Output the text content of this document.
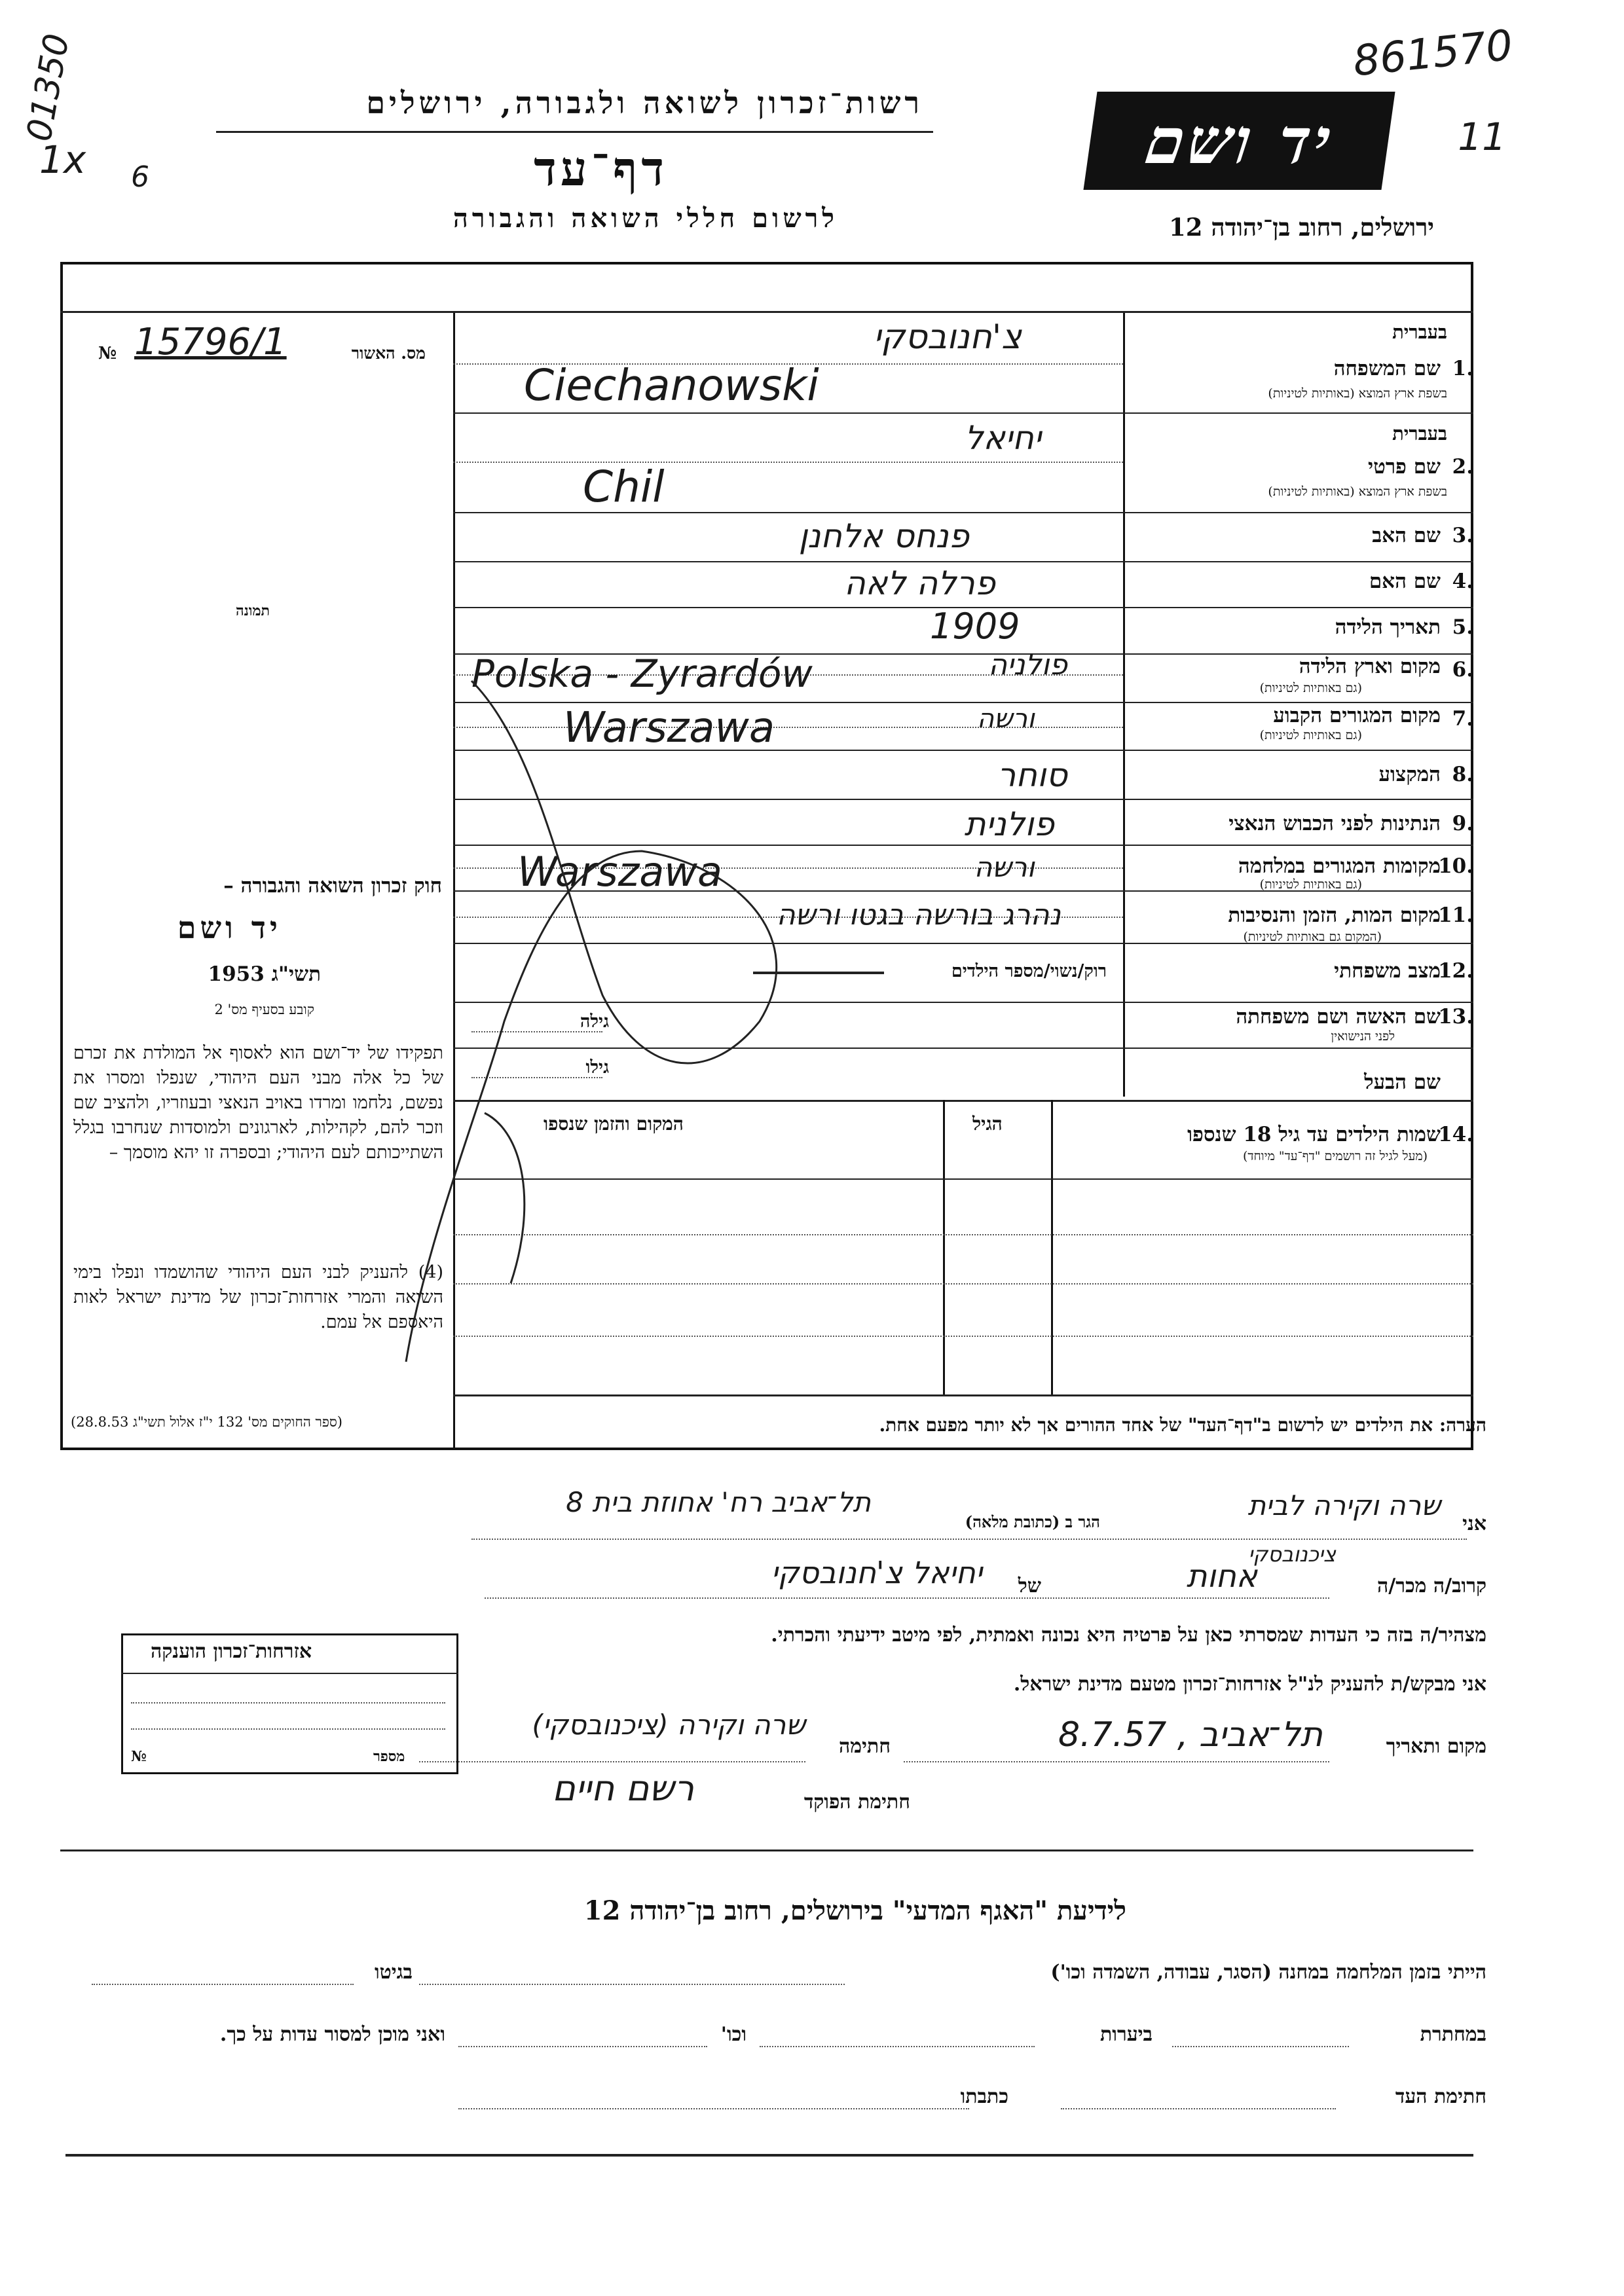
861570
11
01350
1x 6
רשות־זכרון לשואה ולגבורה, ירושלים
דף־עד
לרשום חללי השואה והגבורה
יד ושם
ירושלים, רחוב בן־יהודה 12
№ 15796/1	מס. האשור
תמונה
בעברית
1.
שם המשפחה
בשפת ארץ המוצא (באותיות לטיניות)
צ'חנובסקי
Ciechanowski
בעברית
2.
שם פרטי
בשפת ארץ המוצא (באותיות לטיניות)
יחיאל
Chil
3.
שם האב
פנחס אלחנן
4.
שם האם
פרלה לאה
5.
תאריך הלידה
1909
6.
מקום וארץ הלידה
(גם באותיות לטיניות)
פולניה
Polska - Zyrardów
7.
מקום המגורים הקבוע
(גם באותיות לטיניות)
ורשה
Warszawa
8.
המקצוע
סוחר
9.
הנתינות לפני הכבוש הנאצי
פולנית
10.
מקומות המגורים במלחמה
(גם באותיות לטיניות)
ורשה
Warszawa
11.
מקום המות, הזמן והנסיבות
(המקום גם באותיות לטיניות)
נהרג בורשה בגטו ורשה
12.
מצב משפחתי
רוק/נשוי/מספר הילדים
13.
שם האשה ושם משפחתה
לפני הנישואין
גילה
שם הבעל
גילו
14.
שמות הילדים עד גיל 18 שנספו
(מעל לגיל זה רושמים "דף־עד" מיוחד)
הגיל
המקום והזמן שנספו
חוק זכרון השואה והגבורה –
יד ושם
תשי"ג 1953
קובע בסעיף מס' 2
תפקידו של יד־ושם הוא לאסוף אל המולדת את זכרם של כל אלה מבני העם היהודי, שנפלו ומסרו את נפשם, נלחמו ומרדו באויב הנאצי ובעוזריו, ולהציב שם וזכר להם, לקהילות, לארגונים ולמוסדות שנחרבו בגלל השתייכותם לעם היהודי; ובספרה זו יהא מוסמך –
(4) להעניק לבני העם היהודי שהושמדו ונפלו בימי השואה והמרי אזרחות־זכרון של מדינת ישראל לאות היאספם אל עמם.
(ספר החוקים מס' 132 י"ז אלול תשי"ג 28.8.53)	הערה: את הילדים יש לרשום ב"דף־העד" של אחד ההורים אך לא יותר מפעם אחת.
אני
שרה וקירה לבית
הגר ב (כתובת מלאה)
תל־אביב רח' אחוזת בית 8
ציכנובסקי
קרוב/ה מכר/ה
אחות
של
יחיאל צ'חנובסקי
מצהיר/ה בזה כי העדות שמסרתי כאן על פרטיה היא נכונה ואמתית, לפי מיטב ידיעתי והכרתי.
אני מבקש/ת להעניק לנ"ל אזרחות־זכרון מטעם מדינת ישראל.
מקום ותאריך
תל־אביב , 8.7.57
חתימה
שרה וקירה (ציכנובסקי)
חתימת הפוקד
רשם חיים
אזרחות־זכרון הוענקה
מספר
№
לידיעת "האגף המדעי" בירושלים, רחוב בן־יהודה 12
הייתי בזמן המלחמה במחנה (הסגר, עבודה, השמדה וכו')
בגיטו
במחתרת
ביערות
וכו'
ואני מוכן למסור עדות על כך.
חתימת העד
כתבתו
